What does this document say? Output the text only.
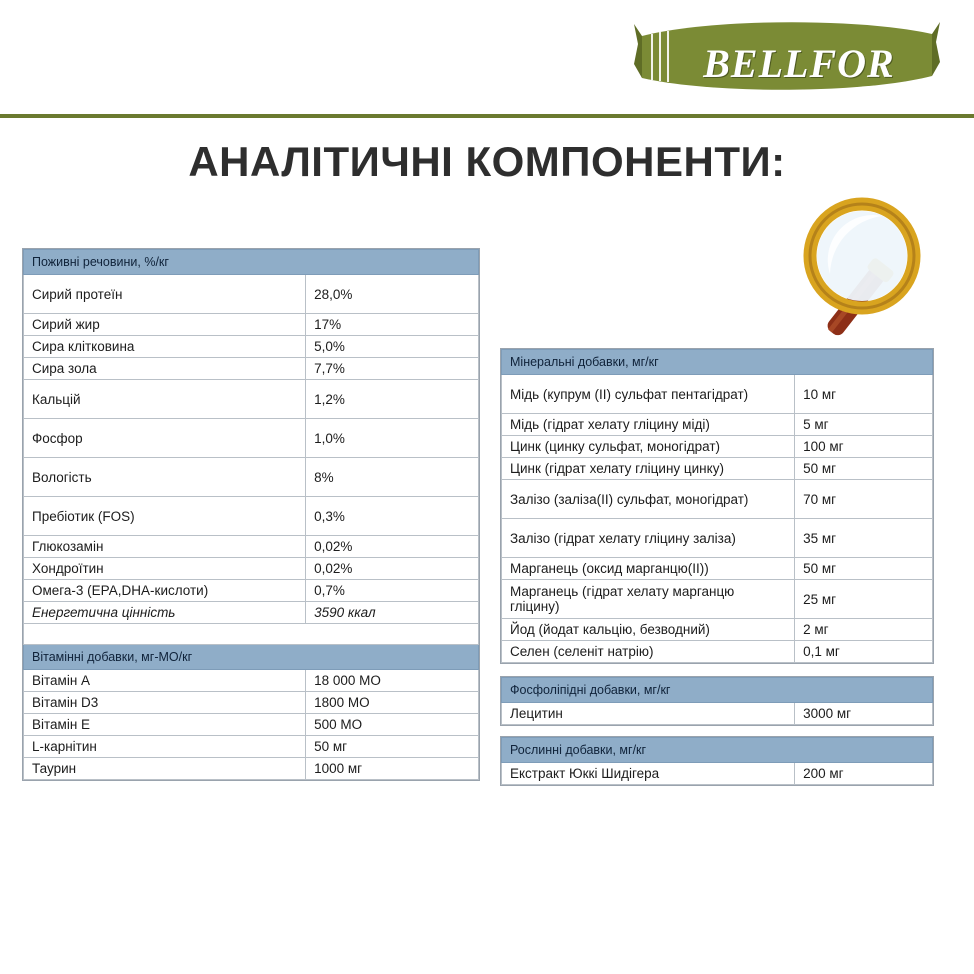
BELLFOR
АНАЛІТИЧНІ КОМПОНЕНТИ:
Поживні речовини, %/кг	
Сирий протеїн	28,0%
Сирий жир	17%
Сира клітковина	5,0%
Сира зола	7,7%
Кальцій	1,2%
Фосфор	1,0%
Вологість	8%
Пребіотик (FOS)	0,3%
Глюкозамін	0,02%
Хондроїтин	0,02%
Омега-3 (ЕРА,DHA-кислоти)	0,7%
Енергетична цінність	3590 ккал

Вітамінні добавки, мг-МО/кг	
Вітамін А	18 000 МО
Вітамін D3	1800 МО
Вітамін Е	500 МО
L-карнітин	50 мг
Таурин	1000 мг
Мінеральні добавки, мг/кг	
Мідь (купрум (II) сульфат пентагідрат)	10 мг
Мідь (гідрат хелату гліцину міді)	5 мг
Цинк (цинку сульфат, моногідрат)	100 мг
Цинк (гідрат хелату гліцину цинку)	50 мг
Залізо (заліза(II) сульфат, моногідрат)	70 мг
Залізо (гідрат хелату гліцину заліза)	35 мг
Марганець (оксид марганцю(II))	50 мг
Марганець (гідрат хелату марганцю гліцину)	25 мг
Йод (йодат кальцію, безводний)	2 мг
Селен (селеніт натрію)	0,1 мг
Фосфоліпідні добавки, мг/кг
Лецитин	3000 мг
Рослинні добавки, мг/кг
Екстракт Юккі Шидігера	200 мг
